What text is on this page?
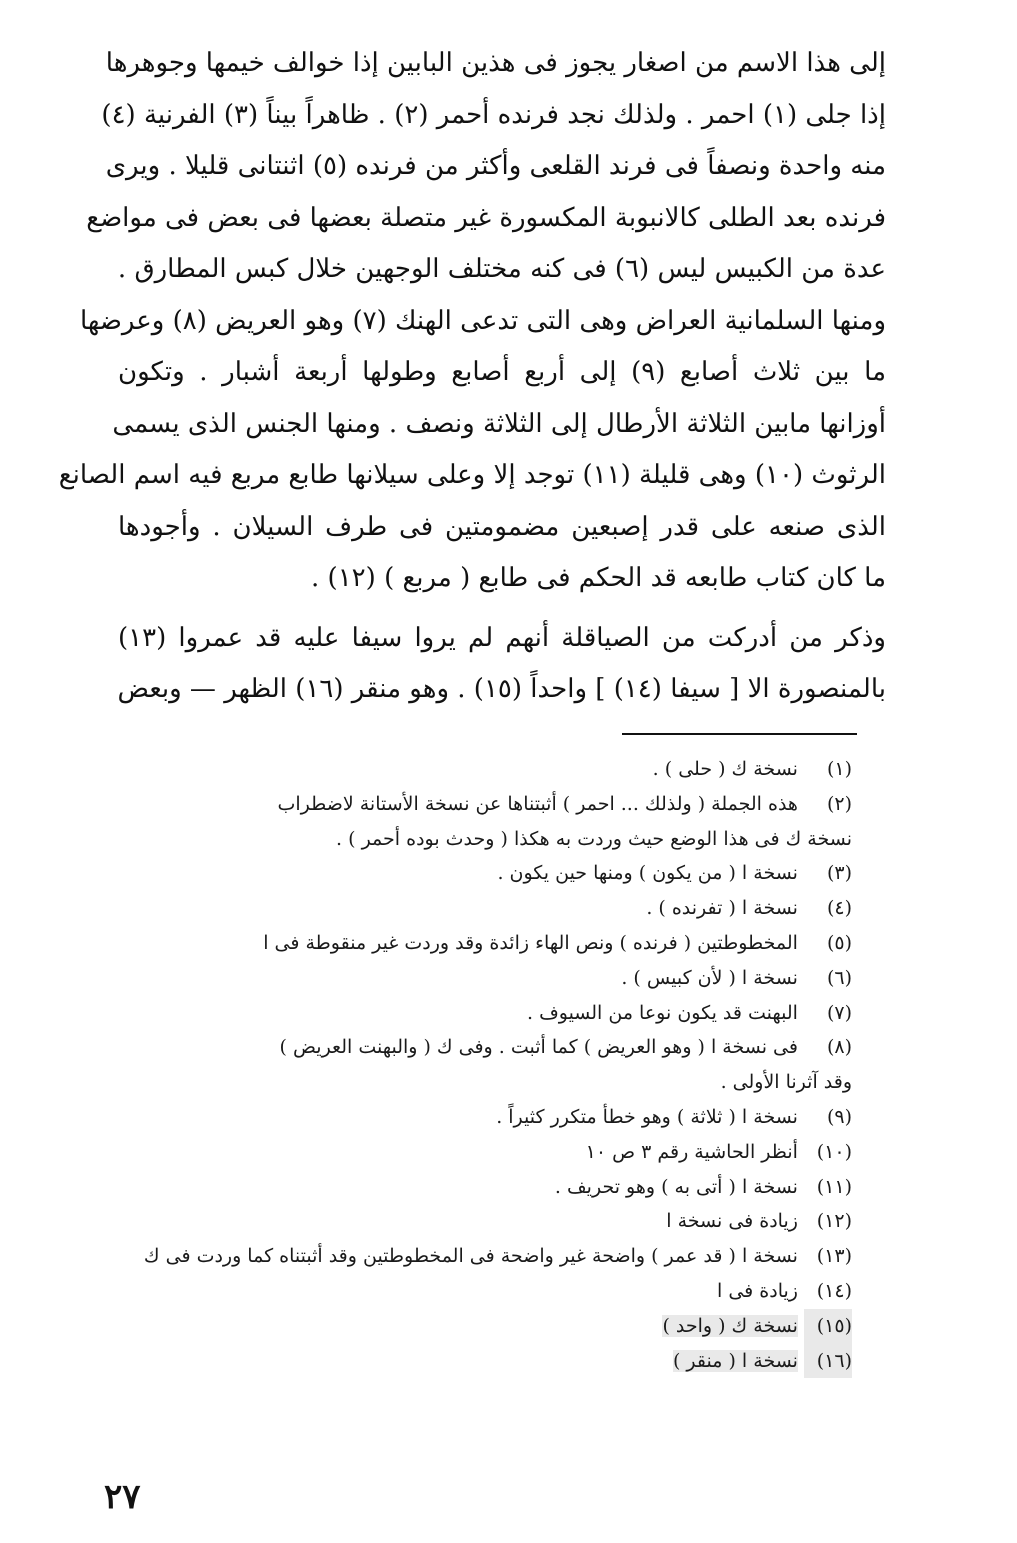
إلى هذا الاسم من اصغار يجوز فى هذين البابين إذا خوالف خيمها وجوهرها
إذا جلى (١) احمر . ولذلك نجد فرنده أحمر (٢) . ظاهراً بيناً (٣) الفرنية (٤)
منه واحدة ونصفاً فى فرند القلعى وأكثر من فرنده (٥) اثنتانى قليلا . ويرى
فرنده بعد الطلى كالانبوبة المكسورة غير متصلة بعضها فى بعض فى مواضع
عدة من الكبيس ليس (٦) فى كنه مختلف الوجهين خلال كبس المطارق .
ومنها السلمانية العراض وهى التى تدعى الهنك (٧) وهو العريض (٨) وعرضها
ما بين ثلاث أصابع (٩) إلى أربع أصابع وطولها أربعة أشبار . وتكون
أوزانها مابين الثلاثة الأرطال إلى الثلاثة ونصف . ومنها الجنس الذى يسمى
الرثوث (١٠) وهى قليلة (١١) توجد إلا وعلى سيلانها طابع مربع فيه اسم الصانع
الذى صنعه على قدر إصبعين مضمومتين فى طرف السيلان . وأجودها
ما كان كتاب طابعه قد الحكم فى طابع ( مربع ) (١٢) .
وذكر من أدركت من الصياقلة أنهم لم يروا سيفا عليه قد عمروا (١٣)
بالمنصورة الا [ سيفا (١٤) ] واحداً (١٥) . وهو منقر (١٦) الظهر — وبعض
(١) نسخة ك ( حلى ) .
(٢) هذه الجملة ( ولذلك ... احمر ) أثبتناها عن نسخة الأستانة لاضطراب
نسخة ك فى هذا الوضع حيث وردت به هكذا ( وحدث بوده أحمر ) .
(٣) نسخة ا ( من يكون ) ومنها حين يكون .
(٤) نسخة ا ( تفرنده ) .
(٥) المخطوطتين ( فرنده ) ونص الهاء زائدة وقد وردت غير منقوطة فى ا
(٦) نسخة ا ( لأن كبيس ) .
(٧) البهنت قد يكون نوعا من السيوف .
(٨) فى نسخة ا ( وهو العريض ) كما أثبت . وفى ك ( والبهنت العريض )
وقد آثرنا الأولى .
(٩) نسخة ا ( ثلاثة ) وهو خطأ متكرر كثيراً .
(١٠) أنظر الحاشية رقم ٣ ص ١٠
(١١) نسخة ا ( أتى به ) وهو تحريف .
(١٢) زيادة فى نسخة ا
(١٣) نسخة ا ( قد عمر ) واضحة غير واضحة فى المخطوطتين وقد أثبتناه كما وردت فى ك
(١٤) زيادة فى ا
(١٥) نسخة ك ( واحد )
(١٦) نسخة ا ( منقر )
٢٧
